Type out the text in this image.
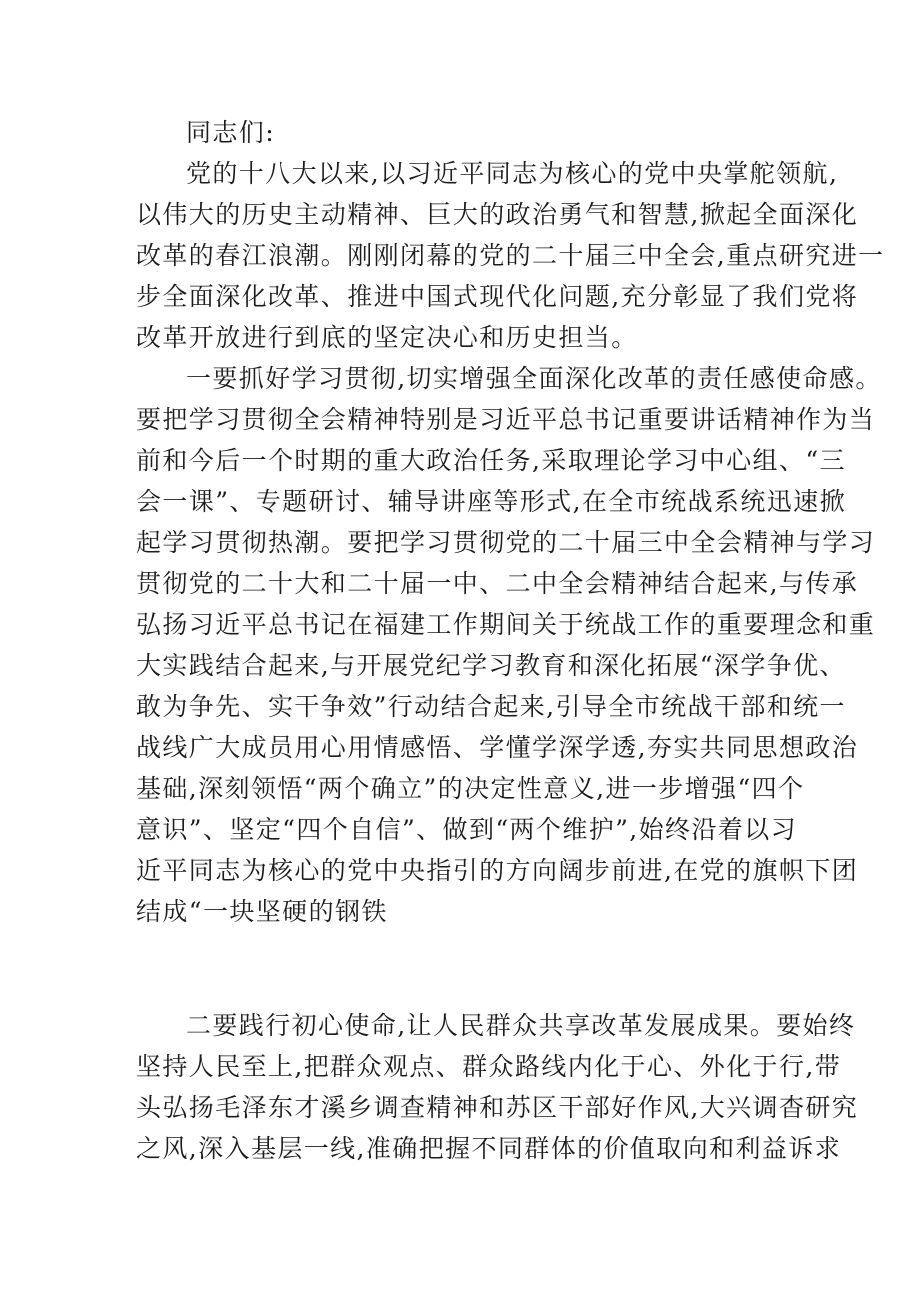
同志们:
党的十八大以来,以习近平同志为核心的党中央掌舵领航,
以伟大的历史主动精神、巨大的政治勇气和智慧,掀起全面深化
改革的春江浪潮。刚刚闭幕的党的二十届三中全会,重点研究进一
步全面深化改革、推进中国式现代化问题,充分彰显了我们党将
改革开放进行到底的坚定决心和历史担当。
一要抓好学习贯彻,切实增强全面深化改革的责任感使命感。
要把学习贯彻全会精神特别是习近平总书记重要讲话精神作为当
前和今后一个时期的重大政治任务,采取理论学习中心组、“三
会一课”、专题研讨、辅导讲座等形式,在全市统战系统迅速掀
起学习贯彻热潮。要把学习贯彻党的二十届三中全会精神与学习
贯彻党的二十大和二十届一中、二中全会精神结合起来,与传承
弘扬习近平总书记在福建工作期间关于统战工作的重要理念和重
大实践结合起来,与开展党纪学习教育和深化拓展“深学争优、
敢为争先、实干争效”行动结合起来,引导全市统战干部和统一
战线广大成员用心用情感悟、学懂学深学透,夯实共同思想政治
基础,深刻领悟“两个确立”的决定性意义,进一步增强“四个
意识”、坚定“四个自信”、做到“两个维护”,始终沿着以习
近平同志为核心的党中央指引的方向阔步前进,在党的旗帜下团
结成“一块坚硬的钢铁
二要践行初心使命,让人民群众共享改革发展成果。要始终
坚持人民至上,把群众观点、群众路线内化于心、外化于行,带
头弘扬毛泽东才溪乡调查精神和苏区干部好作风,大兴调杳研究
之风,深入基层一线,准确把握不同群体的价值取向和利益诉求
